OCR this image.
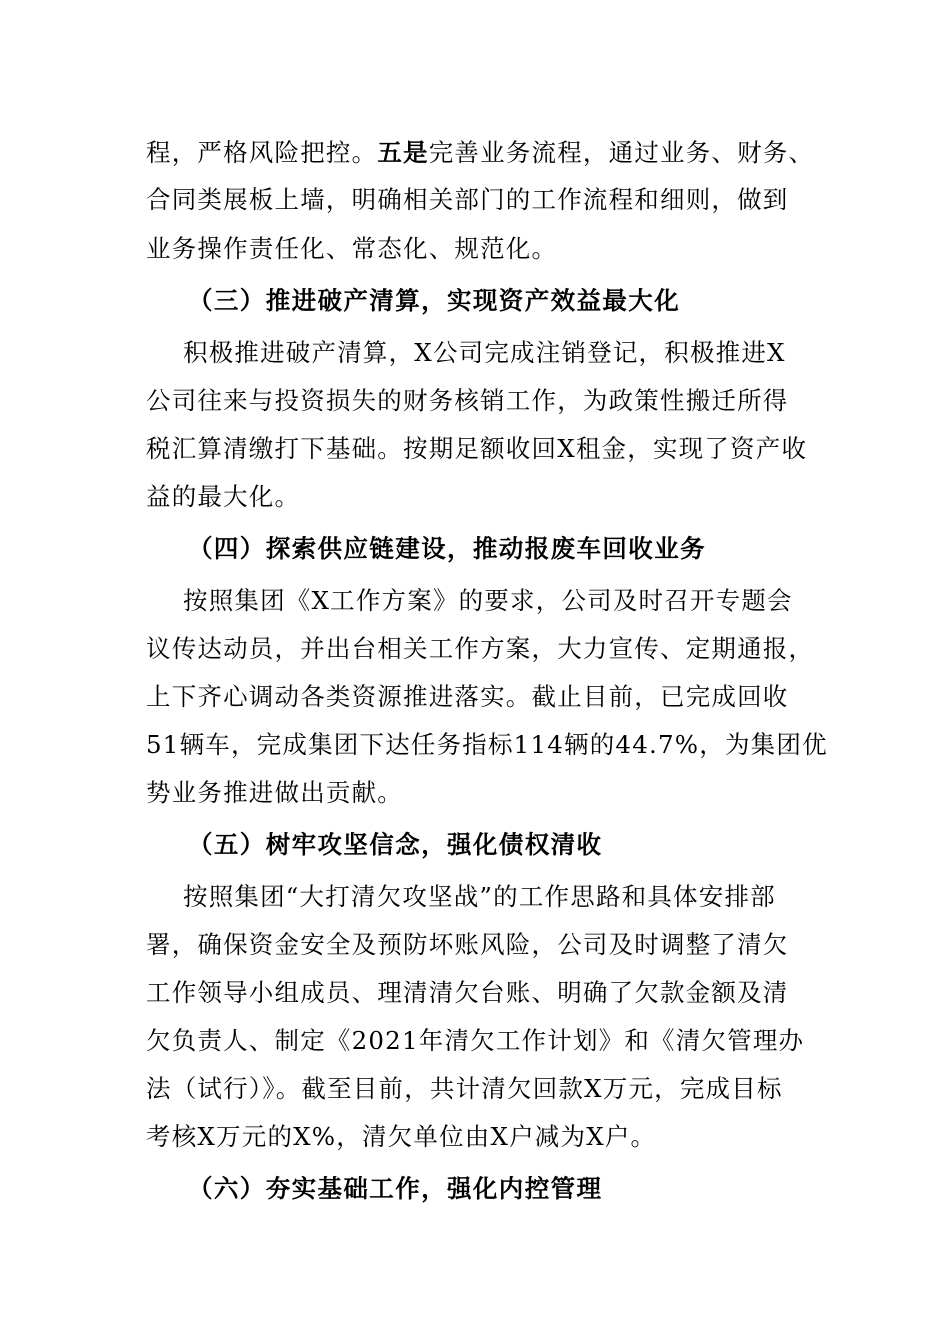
程，严格风险把控。五是完善业务流程，通过业务、财务、
合同类展板上墙，明确相关部门的工作流程和细则，做到
业务操作责任化、常态化、规范化。
（三）推进破产清算，实现资产效益最大化
积极推进破产清算，X公司完成注销登记，积极推进X
公司往来与投资损失的财务核销工作，为政策性搬迁所得
税汇算清缴打下基础。按期足额收回X租金，实现了资产收
益的最大化。
（四）探索供应链建设，推动报废车回收业务
按照集团《X工作方案》的要求，公司及时召开专题会
议传达动员，并出台相关工作方案，大力宣传、定期通报，
上下齐心调动各类资源推进落实。截止目前，已完成回收
51辆车，完成集团下达任务指标114辆的44.7%，为集团优
势业务推进做出贡献。
（五）树牢攻坚信念，强化债权清收
按照集团“大打清欠攻坚战”的工作思路和具体安排部
署，确保资金安全及预防坏账风险，公司及时调整了清欠
工作领导小组成员、理清清欠台账、明确了欠款金额及清
欠负责人、制定《2021年清欠工作计划》和《清欠管理办
法（试行）》。截至目前，共计清欠回款X万元，完成目标
考核X万元的X%，清欠单位由X户减为X户。
（六）夯实基础工作，强化内控管理
